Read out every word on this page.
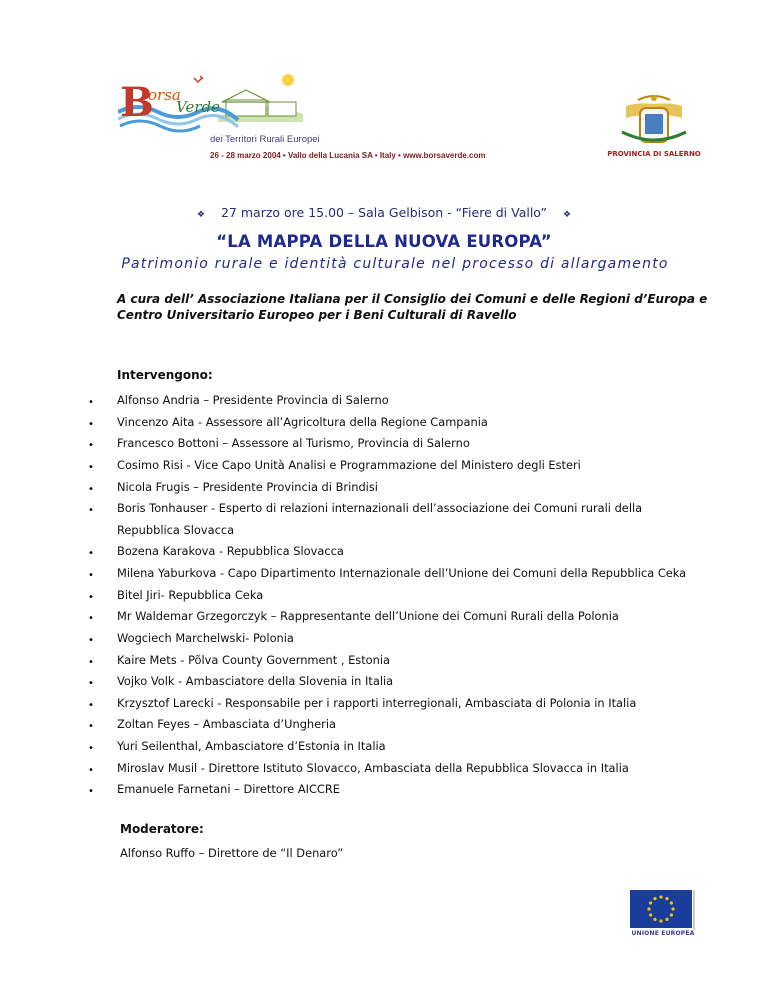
B
orsa
Verde
dei Territori Rurali Europei
26 - 28 marzo 2004 • Vallo della Lucania SA • Italy • www.borsaverde.com	PROVINCIA DI SALERNO
❖ 27 marzo ore 15.00 – Sala Gelbison - “Fiere di Vallo” ❖
“LA MAPPA DELLA NUOVA EUROPA”
Patrimonio rurale e identità culturale nel processo di allargamento
A cura dell’ Associazione Italiana per il Consiglio dei Comuni e delle Regioni d’Europa e Centro Universitario Europeo per i Beni Culturali di Ravello
Intervengono:
• Alfonso Andria – Presidente Provincia di Salerno
• Vincenzo Aita - Assessore all’Agricoltura della Regione Campania
• Francesco Bottoni – Assessore al Turismo, Provincia di Salerno
• Cosimo Risi - Vice Capo Unità Analisi e Programmazione del Ministero degli Esteri
• Nicola Frugis – Presidente Provincia di Brindisi
• Boris Tonhauser - Esperto di relazioni internazionali dell’associazione dei Comuni rurali della
Repubblica Slovacca
• Bozena Karakova - Repubblica Slovacca
• Milena Yaburkova - Capo Dipartimento Internazionale dell’Unione dei Comuni della Repubblica Ceka
• Bitel Jiri- Repubblica Ceka
• Mr Waldemar Grzegorczyk – Rappresentante dell’Unione dei Comuni Rurali della Polonia
• Wogciech Marchelwski- Polonia
• Kaire Mets - Põlva County Government , Estonia
• Vojko Volk - Ambasciatore della Slovenia in Italia
• Krzysztof Larecki - Responsabile per i rapporti interregionali, Ambasciata di Polonia in Italia
• Zoltan Feyes – Ambasciata d’Ungheria
• Yuri Seilenthal, Ambasciatore d’Estonia in Italia
• Miroslav Musil - Direttore Istituto Slovacco, Ambasciata della Repubblica Slovacca in Italia
• Emanuele Farnetani – Direttore AICCRE
Moderatore:
Alfonso Ruffo – Direttore de “Il Denaro”
UNIONE EUROPEA
